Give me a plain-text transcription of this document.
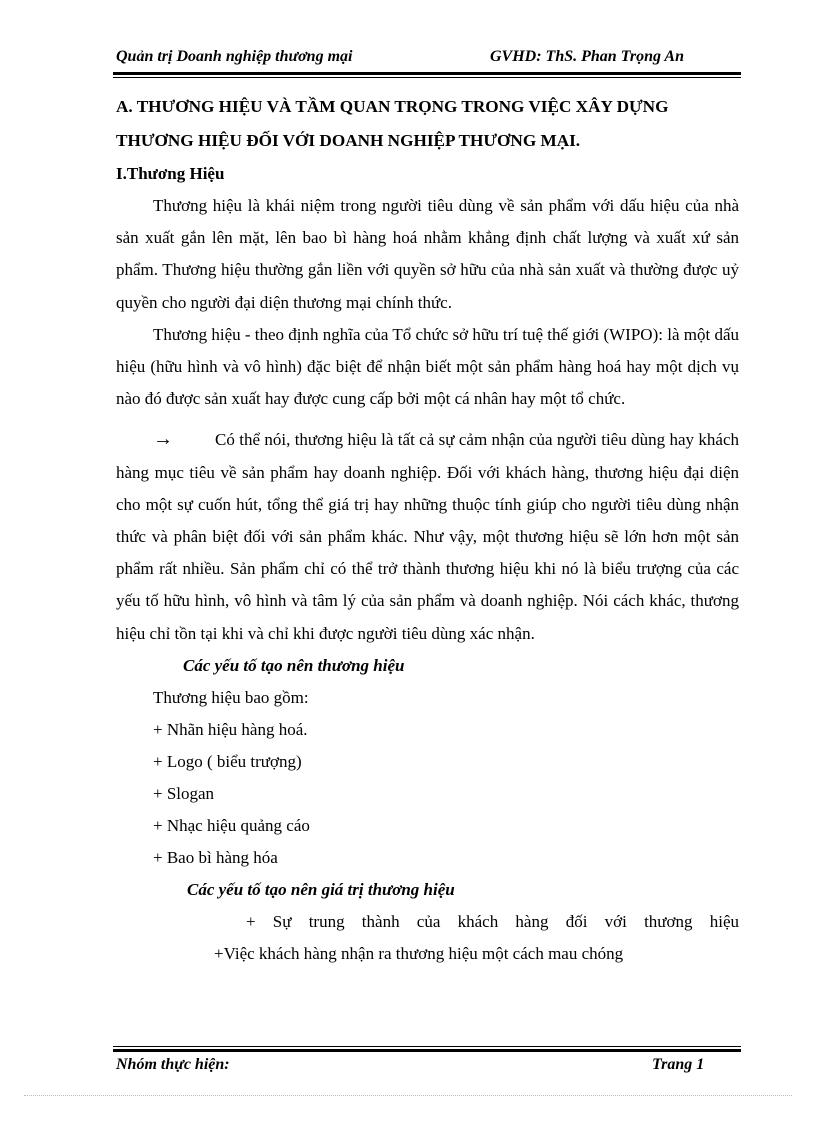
Quản trị Doanh nghiệp thương mại	GVHD: ThS. Phan Trọng An
A. THƯƠNG HIỆU VÀ TẦM QUAN TRỌNG TRONG VIỆC XÂY DỰNG THƯƠNG HIỆU ĐỐI VỚI DOANH NGHIỆP THƯƠNG MẠI.
I.Thương Hiệu

Thương hiệu là khái niệm trong người tiêu dùng về sản phẩm với dấu hiệu của nhà sản xuất gắn lên mặt, lên bao bì hàng hoá nhằm khẳng định chất lượng và xuất xứ sản phẩm. Thương hiệu thường gắn liền với quyền sở hữu của nhà sản xuất và thường được uỷ quyền cho người đại diện thương mại chính thức.

Thương hiệu - theo định nghĩa của Tổ chức sở hữu trí tuệ thế giới (WIPO): là một dấu hiệu (hữu hình và vô hình) đặc biệt để nhận biết một sản phẩm hàng hoá hay một dịch vụ nào đó được sản xuất hay được cung cấp bởi một cá nhân hay một tổ chức.

→ Có thể nói, thương hiệu là tất cả sự cảm nhận của người tiêu dùng hay khách hàng mục tiêu về sản phẩm hay doanh nghiệp. Đối với khách hàng, thương hiệu đại diện cho một sự cuốn hút, tổng thể giá trị hay những thuộc tính giúp cho người tiêu dùng nhận thức và phân biệt đối với sản phẩm khác. Như vậy, một thương hiệu sẽ lớn hơn một sản phẩm rất nhiều. Sản phẩm chỉ có thể trở thành thương hiệu khi nó là biểu trượng của các yếu tố hữu hình, vô hình và tâm lý của sản phẩm và doanh nghiệp. Nói cách khác, thương hiệu chỉ tồn tại khi và chỉ khi được người tiêu dùng xác nhận.

Các yếu tố tạo nên thương hiệu
Thương hiệu bao gồm:
+ Nhãn hiệu hàng hoá.
+ Logo ( biểu trượng)
+ Slogan
+ Nhạc hiệu quảng cáo
+ Bao bì hàng hóa
Các yếu tố tạo nên giá trị thương hiệu
+ Sự trung thành của khách hàng đối với thương hiệu
+Việc khách hàng nhận ra thương hiệu một cách mau chóng
Nhóm thực hiện:	Trang 1
